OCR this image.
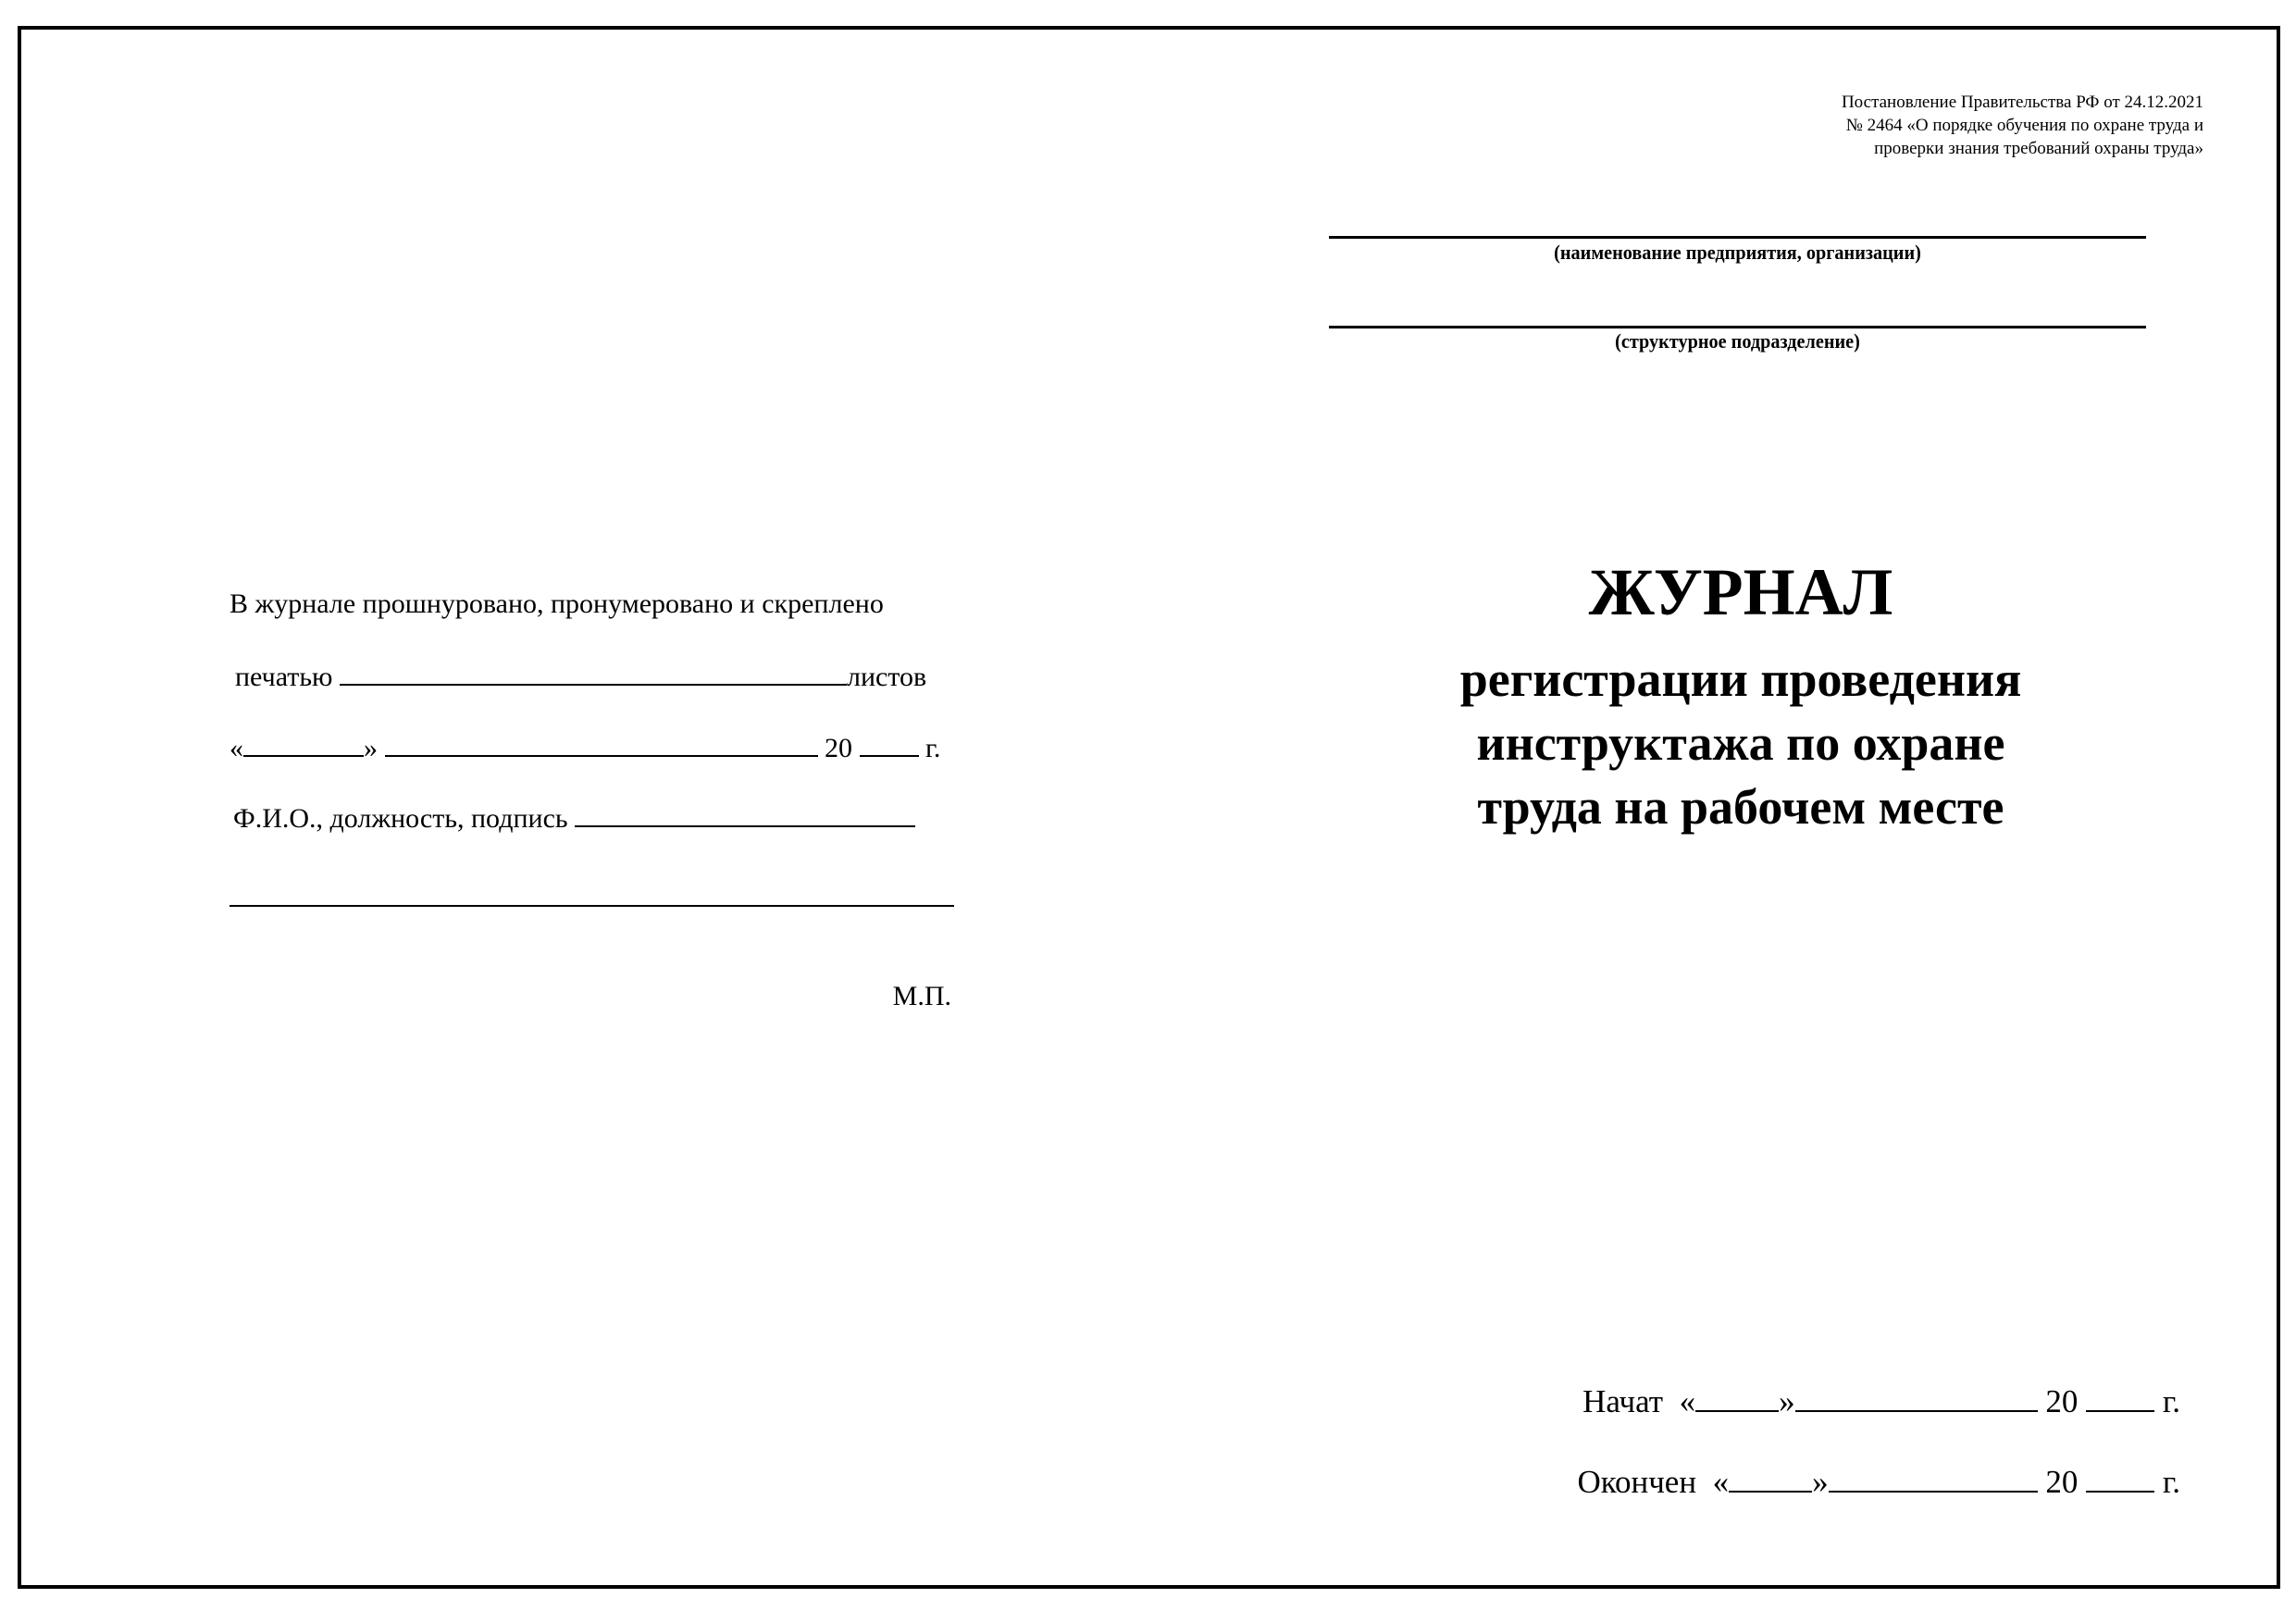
Постановление Правительства РФ от 24.12.2021
№ 2464 «О порядке обучения по охране труда и
проверки знания требований охраны труда»
(наименование предприятия, организации)
(структурное подразделение)
В журнале прошнуровано, пронумеровано и скреплено
печатью	листов
«	»	20	г.
Ф.И.О., должность, подпись
М.П.
ЖУРНАЛ
регистрации проведения
инструктажа по охране
труда на рабочем месте
Начат «	»	20	г.
Окончен «	»	20	г.
